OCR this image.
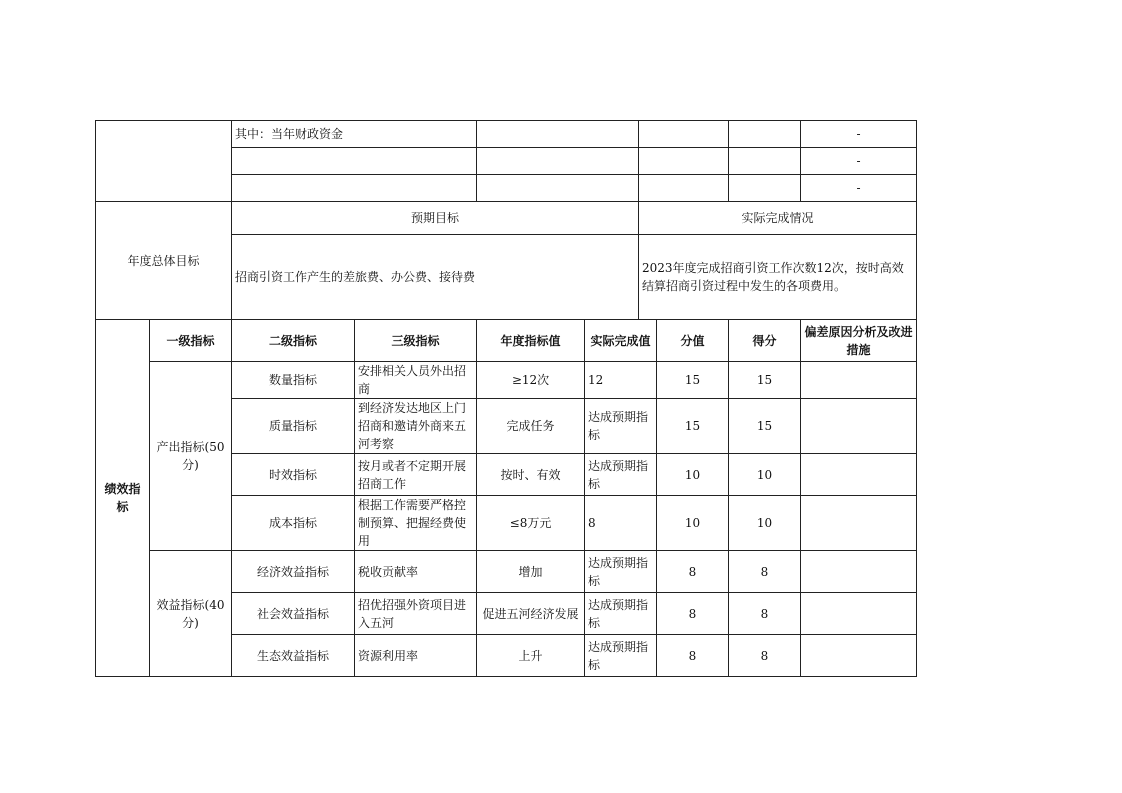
		其中：当年财政资金							-
									-
									-
年度总体目标		预期目标				实际完成情况			
		招商引资工作产生的差旅费、办公费、接待费				2023年度完成招商引资工作次数12次，按时高效结算招商引资过程中发生的各项费用。			
绩效指标	一级指标	二级指标	三级指标	年度指标值	实际完成值		分值	得分	偏差原因分析及改进措施
	产出指标(50分)	数量指标	安排相关人员外出招商	≥12次	12		15	15	
		质量指标	到经济发达地区上门招商和邀请外商来五河考察	完成任务	达成预期指标		15	15	
		时效指标	按月或者不定期开展招商工作	按时、有效	达成预期指标		10	10	
		成本指标	根据工作需要严格控制预算、把握经费使用	≤8万元	8		10	10	
	效益指标(40分)	经济效益指标	税收贡献率	增加	达成预期指标		8	8	
		社会效益指标	招优招强外资项目进入五河	促进五河经济发展	达成预期指标		8	8	
		生态效益指标	资源利用率	上升	达成预期指标		8	8	
